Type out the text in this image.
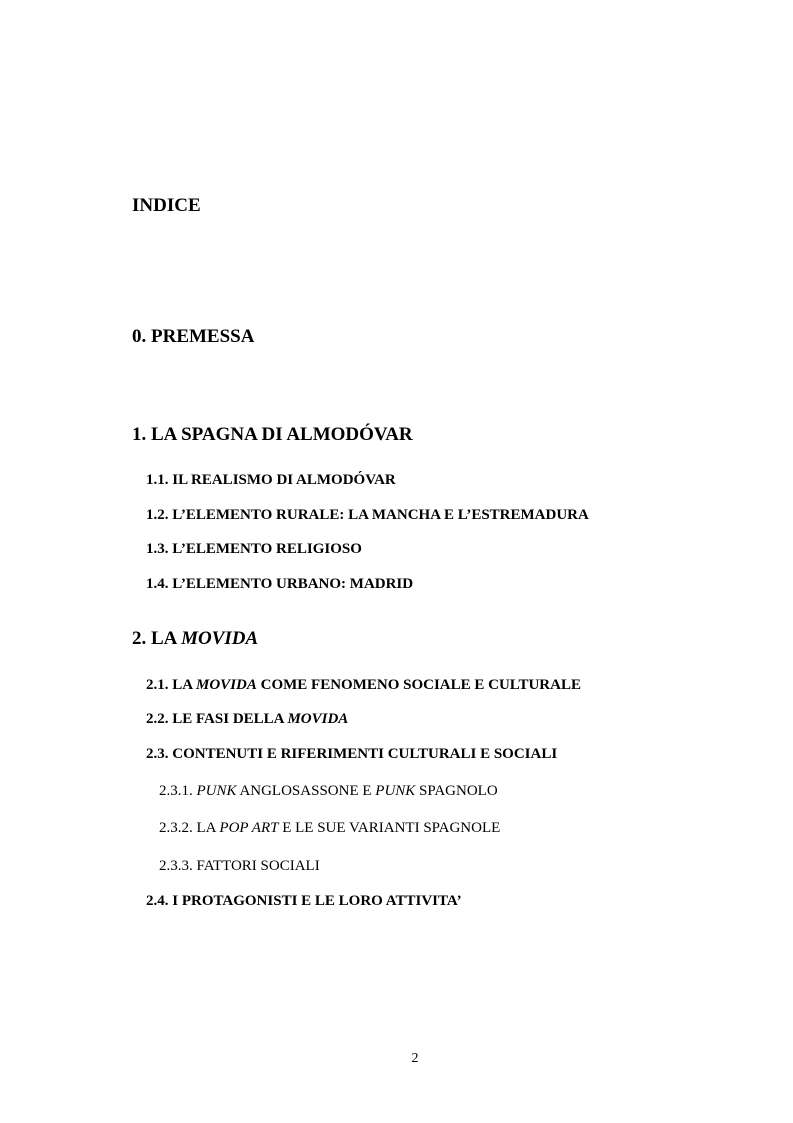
INDICE
0. PREMESSA
1. LA SPAGNA DI ALMODÓVAR
1.1. IL REALISMO DI ALMODÓVAR
1.2. L’ELEMENTO RURALE: LA MANCHA E L’ESTREMADURA
1.3. L’ELEMENTO RELIGIOSO
1.4. L’ELEMENTO URBANO: MADRID
2. LA MOVIDA
2.1. LA MOVIDA COME FENOMENO SOCIALE E CULTURALE
2.2. LE FASI DELLA MOVIDA
2.3. CONTENUTI E RIFERIMENTI CULTURALI E SOCIALI
2.3.1. PUNK ANGLOSASSONE E PUNK SPAGNOLO
2.3.2. LA POP ART E LE SUE VARIANTI SPAGNOLE
2.3.3. FATTORI SOCIALI
2.4. I PROTAGONISTI E LE LORO ATTIVITA’
2
